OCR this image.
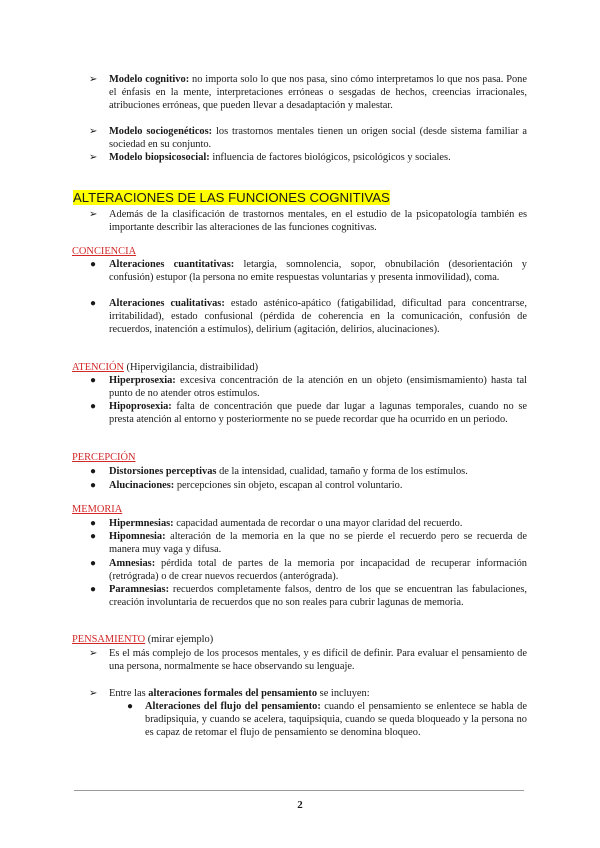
➢ Modelo cognitivo: no importa solo lo que nos pasa, sino cómo interpretamos lo que nos pasa. Pone el énfasis en la mente, interpretaciones erróneas o sesgadas de hechos, creencias irracionales, atribuciones erróneas, que pueden llevar a desadaptación y malestar.
➢ Modelo sociogenéticos: los trastornos mentales tienen un origen social (desde sistema familiar a sociedad en su conjunto.
➢ Modelo biopsicosocial: influencia de factores biológicos, psicológicos y sociales.
ALTERACIONES DE LAS FUNCIONES COGNITIVAS
➢ Además de la clasificación de trastornos mentales, en el estudio de la psicopatología también es importante describir las alteraciones de las funciones cognitivas.
CONCIENCIA
● Alteraciones cuantitativas: letargia, somnolencia, sopor, obnubilación (desorientación y confusión) estupor (la persona no emite respuestas voluntarias y presenta inmovilidad), coma.
● Alteraciones cualitativas: estado asténico-apático (fatigabilidad, dificultad para concentrarse, irritabilidad), estado confusional (pérdida de coherencia en la comunicación, confusión de recuerdos, inatención a estímulos), delirium (agitación, delirios, alucinaciones).
ATENCIÓN (Hipervigilancia, distraibilidad)
● Hiperprosexia: excesiva concentración de la atención en un objeto (ensimismamiento) hasta tal punto de no atender otros estímulos.
● Hipoprosexia: falta de concentración que puede dar lugar a lagunas temporales, cuando no se presta atención al entorno y posteriormente no se puede recordar que ha ocurrido en un periodo.
PERCEPCIÓN
● Distorsiones perceptivas de la intensidad, cualidad, tamaño y forma de los estímulos.
● Alucinaciones: percepciones sin objeto, escapan al control voluntario.
MEMORIA
● Hipermnesias: capacidad aumentada de recordar o una mayor claridad del recuerdo.
● Hipomnesia: alteración de la memoria en la que no se pierde el recuerdo pero se recuerda de manera muy vaga y difusa.
● Amnesias: pérdida total de partes de la memoria por incapacidad de recuperar información (retrógrada) o de crear nuevos recuerdos (anterógrada).
● Paramnesias: recuerdos completamente falsos, dentro de los que se encuentran las fabulaciones, creación involuntaria de recuerdos que no son reales para cubrir lagunas de memoria.
PENSAMIENTO (mirar ejemplo)
➢ Es el más complejo de los procesos mentales, y es difícil de definir. Para evaluar el pensamiento de una persona, normalmente se hace observando su lenguaje.
➢ Entre las alteraciones formales del pensamiento se incluyen:
● Alteraciones del flujo del pensamiento: cuando el pensamiento se enlentece se habla de bradipsiquia, y cuando se acelera, taquipsiquia, cuando se queda bloqueado y la persona no es capaz de retomar el flujo de pensamiento se denomina bloqueo.
2
